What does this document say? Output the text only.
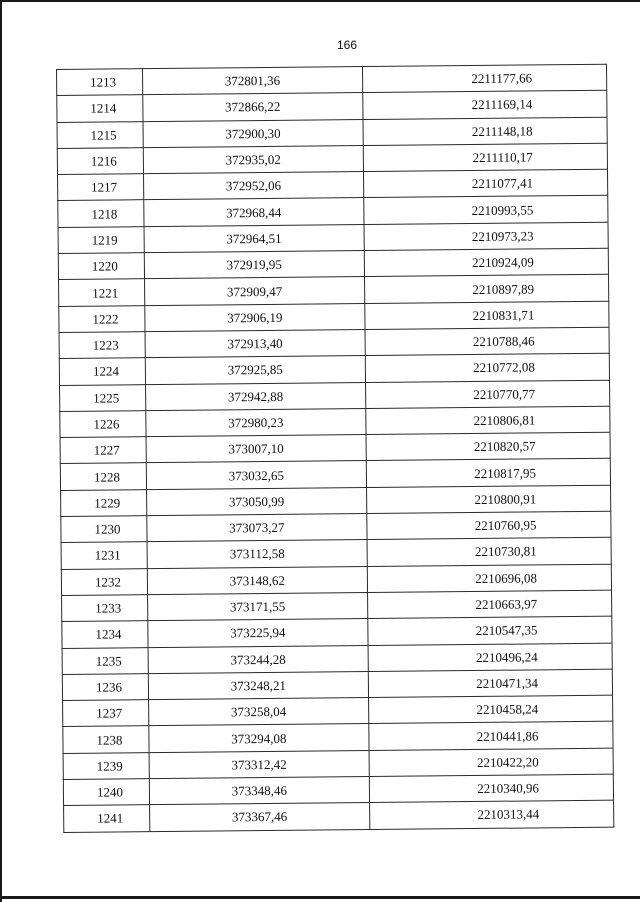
166
1213	372801,36	2211177,66
1214	372866,22	2211169,14
1215	372900,30	2211148,18
1216	372935,02	2211110,17
1217	372952,06	2211077,41
1218	372968,44	2210993,55
1219	372964,51	2210973,23
1220	372919,95	2210924,09
1221	372909,47	2210897,89
1222	372906,19	2210831,71
1223	372913,40	2210788,46
1224	372925,85	2210772,08
1225	372942,88	2210770,77
1226	372980,23	2210806,81
1227	373007,10	2210820,57
1228	373032,65	2210817,95
1229	373050,99	2210800,91
1230	373073,27	2210760,95
1231	373112,58	2210730,81
1232	373148,62	2210696,08
1233	373171,55	2210663,97
1234	373225,94	2210547,35
1235	373244,28	2210496,24
1236	373248,21	2210471,34
1237	373258,04	2210458,24
1238	373294,08	2210441,86
1239	373312,42	2210422,20
1240	373348,46	2210340,96
1241	373367,46	2210313,44
